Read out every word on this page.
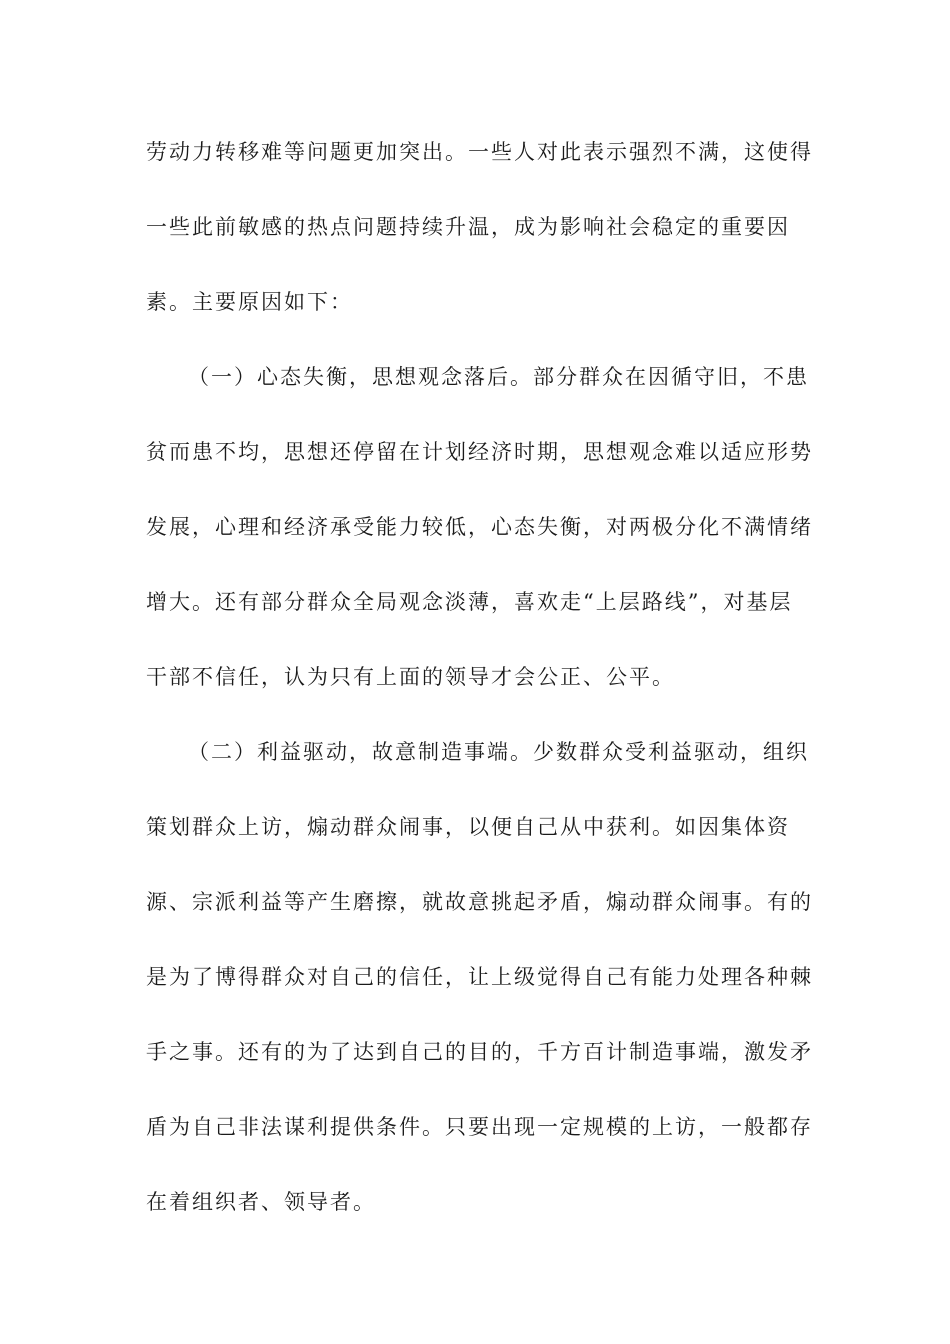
劳动力转移难等问题更加突出。一些人对此表示强烈不满，这使得
一些此前敏感的热点问题持续升温，成为影响社会稳定的重要因
素。主要原因如下：
（一）心态失衡，思想观念落后。部分群众在因循守旧，不患
贫而患不均，思想还停留在计划经济时期，思想观念难以适应形势
发展，心理和经济承受能力较低，心态失衡，对两极分化不满情绪
增大。还有部分群众全局观念淡薄，喜欢走“上层路线”，对基层
干部不信任，认为只有上面的领导才会公正、公平。
（二）利益驱动，故意制造事端。少数群众受利益驱动，组织
策划群众上访，煽动群众闹事，以便自己从中获利。如因集体资
源、宗派利益等产生磨擦，就故意挑起矛盾，煽动群众闹事。有的
是为了博得群众对自己的信任，让上级觉得自己有能力处理各种棘
手之事。还有的为了达到自己的目的，千方百计制造事端，激发矛
盾为自己非法谋利提供条件。只要出现一定规模的上访，一般都存
在着组织者、领导者。
